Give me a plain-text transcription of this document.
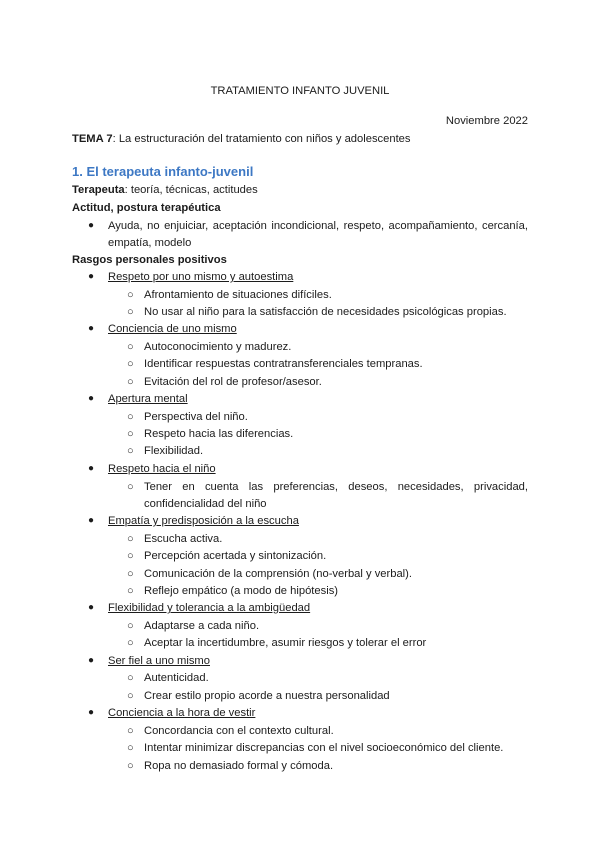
TRATAMIENTO INFANTO JUVENIL
Noviembre 2022
TEMA 7: La estructuración del tratamiento con niños y adolescentes
1. El terapeuta infanto-juvenil
Terapeuta: teoría, técnicas, actitudes
Actitud, postura terapéutica
● Ayuda, no enjuiciar, aceptación incondicional, respeto, acompañamiento, cercanía,
empatía, modelo
Rasgos personales positivos
● Respeto por uno mismo y autoestima
○ Afrontamiento de situaciones difíciles.
○ No usar al niño para la satisfacción de necesidades psicológicas propias.
● Conciencia de uno mismo
○ Autoconocimiento y madurez.
○ Identificar respuestas contratransferenciales tempranas.
○ Evitación del rol de profesor/asesor.
● Apertura mental
○ Perspectiva del niño.
○ Respeto hacia las diferencias.
○ Flexibilidad.
● Respeto hacia el niño
○ Tener en cuenta las preferencias, deseos, necesidades, privacidad,
confidencialidad del niño
● Empatía y predisposición a la escucha
○ Escucha activa.
○ Percepción acertada y sintonización.
○ Comunicación de la comprensión (no-verbal y verbal).
○ Reflejo empático (a modo de hipótesis)
● Flexibilidad y tolerancia a la ambigüedad
○ Adaptarse a cada niño.
○ Aceptar la incertidumbre, asumir riesgos y tolerar el error
● Ser fiel a uno mismo
○ Autenticidad.
○ Crear estilo propio acorde a nuestra personalidad
● Conciencia a la hora de vestir
○ Concordancia con el contexto cultural.
○ Intentar minimizar discrepancias con el nivel socioeconómico del cliente.
○ Ropa no demasiado formal y cómoda.
